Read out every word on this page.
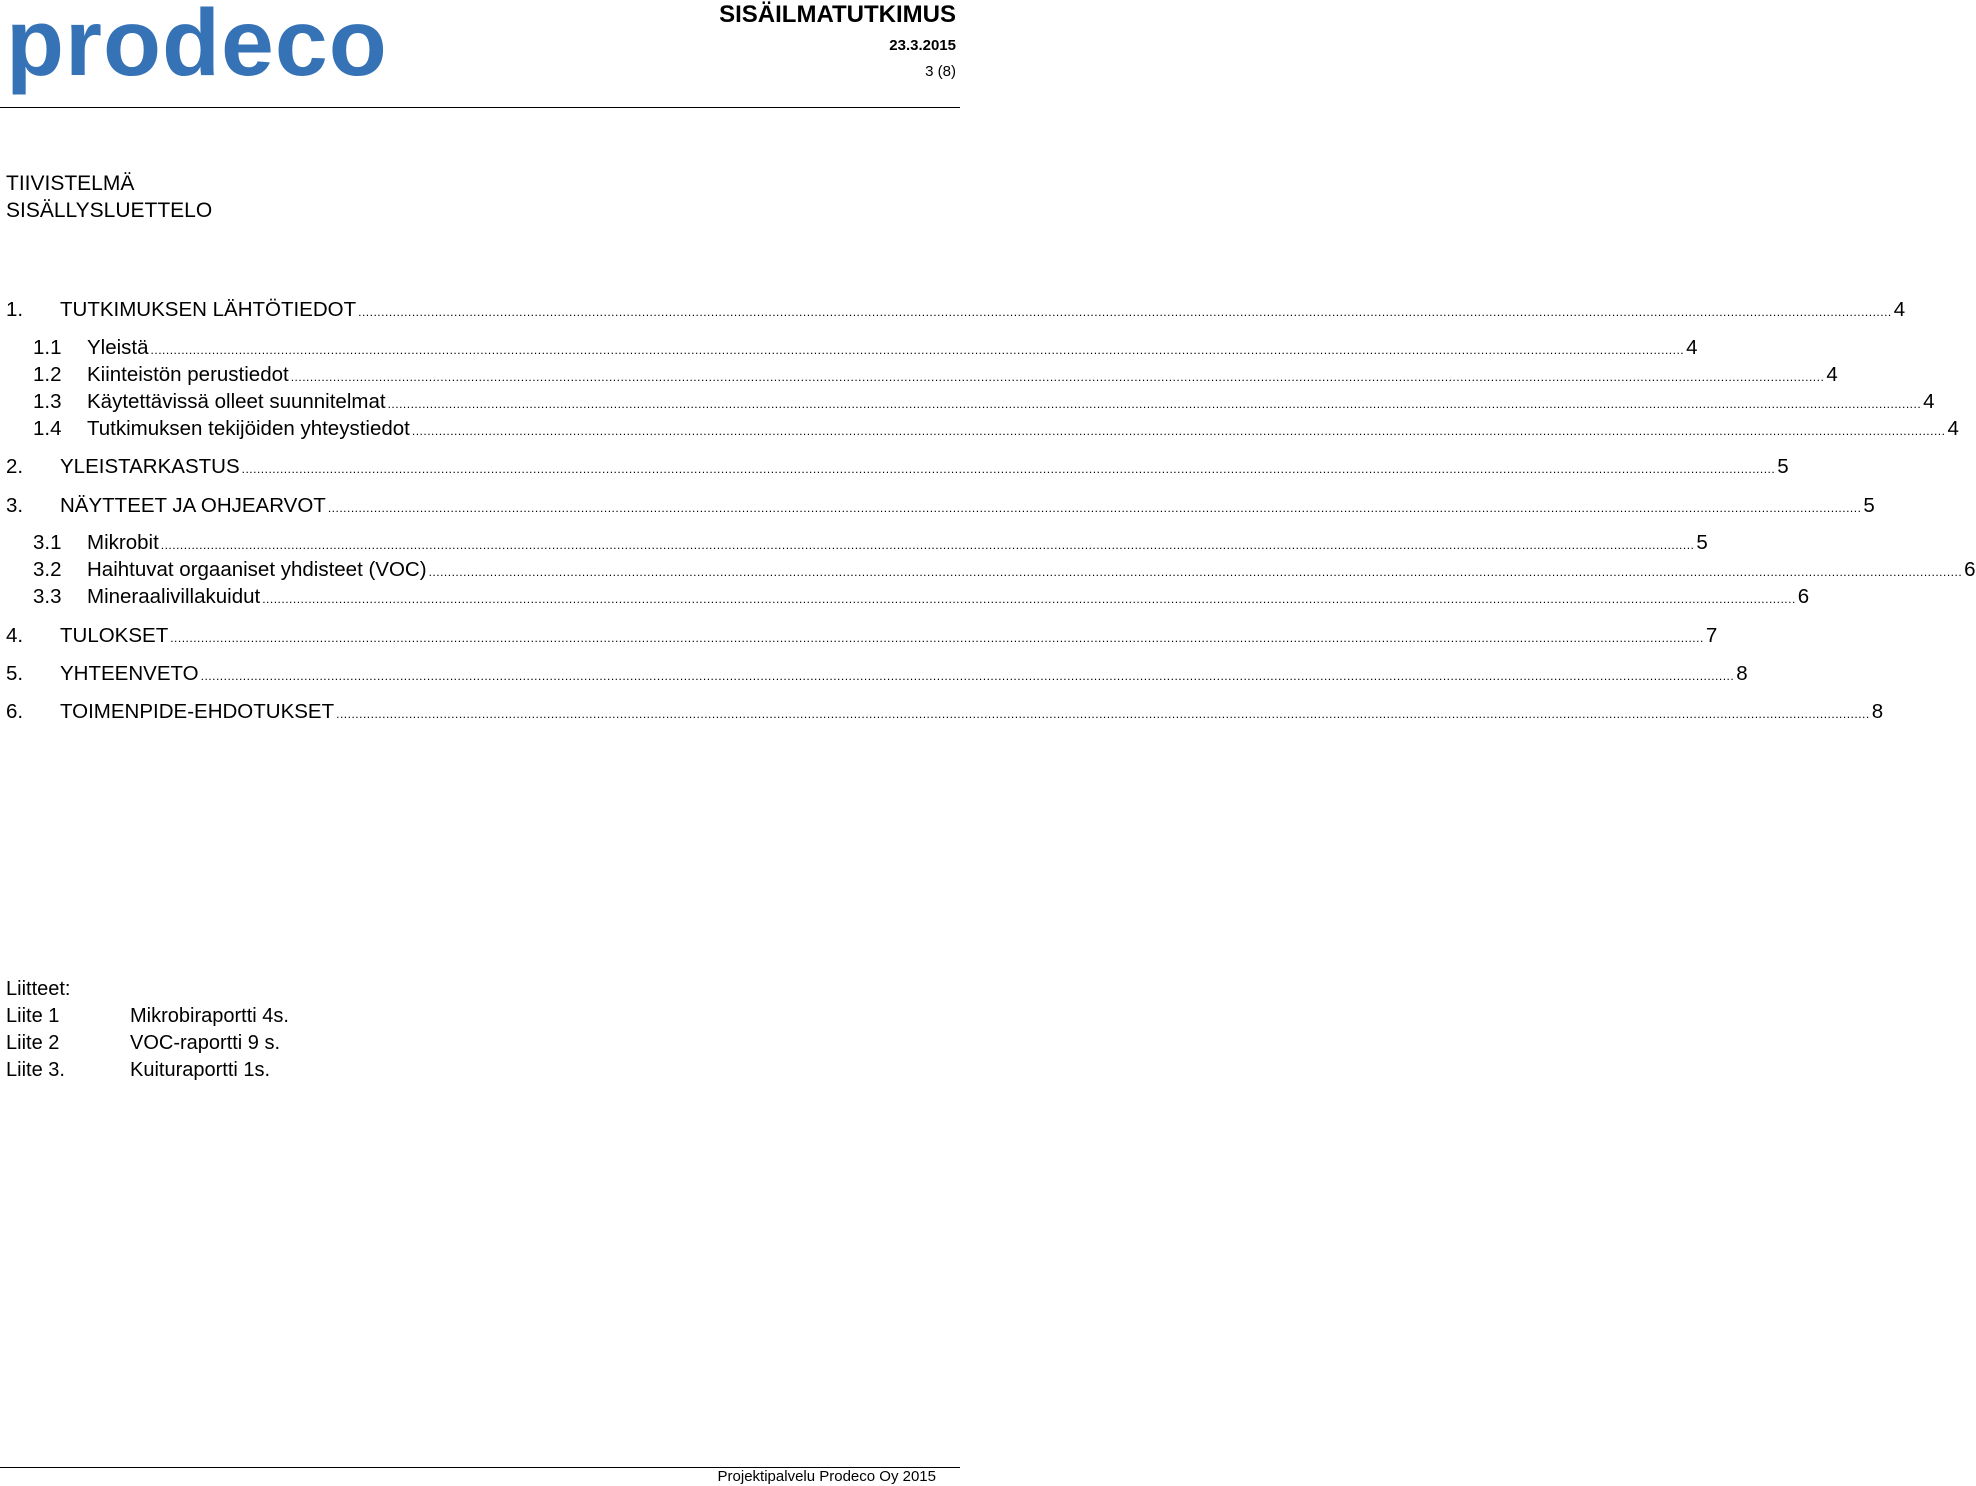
prodeco	SISÄILMATUTKIMUS
23.3.2015
3 (8)
TIIVISTELMÄ
SISÄLLYSLUETTELO
1.	TUTKIMUKSEN LÄHTÖTIEDOT ................................................................................................................................................................................................................................................................................................................................................................................................................ 4
1.1	Yleistä ................................................................................................................................................................................................................................................................................................................................................................................................................ 4
1.2	Kiinteistön perustiedot ................................................................................................................................................................................................................................................................................................................................................................................................................ 4
1.3	Käytettävissä olleet suunnitelmat ................................................................................................................................................................................................................................................................................................................................................................................................................ 4
1.4	Tutkimuksen tekijöiden yhteystiedot ................................................................................................................................................................................................................................................................................................................................................................................................................ 4
2.	YLEISTARKASTUS ................................................................................................................................................................................................................................................................................................................................................................................................................ 5
3.	NÄYTTEET JA OHJEARVOT ................................................................................................................................................................................................................................................................................................................................................................................................................ 5
3.1	Mikrobit ................................................................................................................................................................................................................................................................................................................................................................................................................ 5
3.2	Haihtuvat orgaaniset yhdisteet (VOC) ................................................................................................................................................................................................................................................................................................................................................................................................................ 6
3.3	Mineraalivillakuidut ................................................................................................................................................................................................................................................................................................................................................................................................................ 6
4.	TULOKSET ................................................................................................................................................................................................................................................................................................................................................................................................................ 7
5.	YHTEENVETO ................................................................................................................................................................................................................................................................................................................................................................................................................ 8
6.	TOIMENPIDE-EHDOTUKSET ................................................................................................................................................................................................................................................................................................................................................................................................................ 8
Liitteet:
Liite 1	Mikrobiraportti 4s.
Liite 2	VOC-raportti 9 s.
Liite 3.	Kuituraportti 1s.
Projektipalvelu Prodeco Oy 2015
